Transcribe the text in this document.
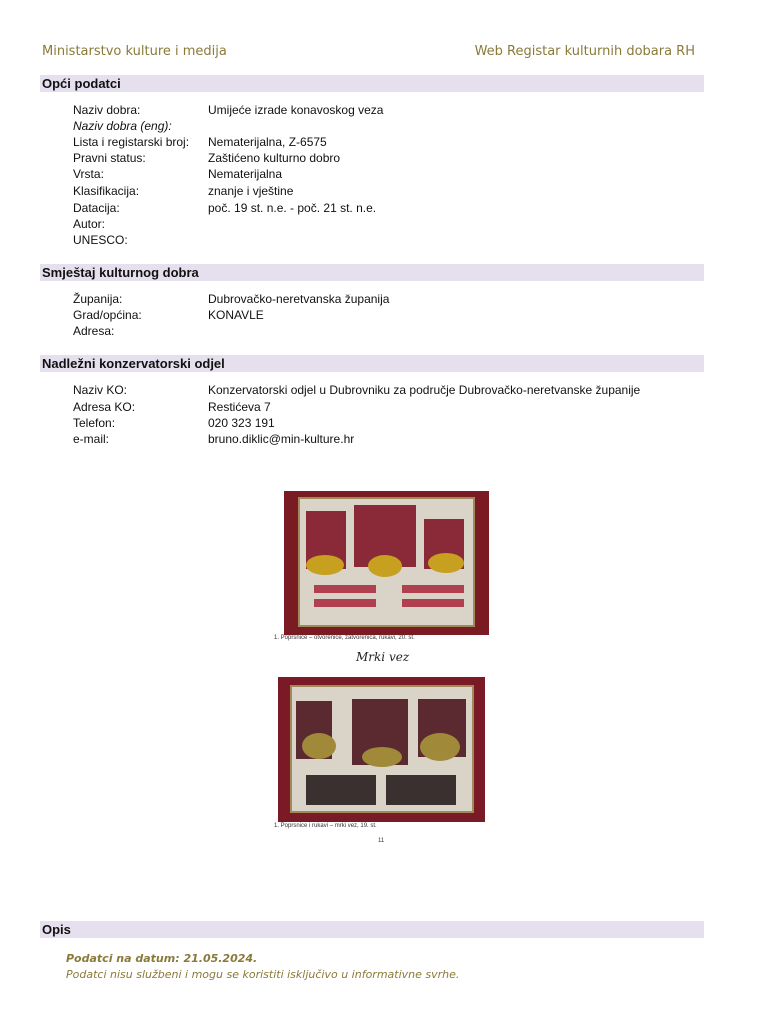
Ministarstvo kulture i medija	Web Registar kulturnih dobara RH
Opći podatci
Naziv dobra:	Umijeće izrade konavoskog veza
Naziv dobra (eng):
Lista i registarski broj: Nematerijalna, Z-6575
Pravni status:	Zaštićeno kulturno dobro
Vrsta:	Nematerijalna
Klasifikacija:	znanje i vještine
Datacija:	poč. 19 st. n.e. - poč. 21 st. n.e.
Autor:
UNESCO:
Smještaj kulturnog dobra
Županija:	Dubrovačko-neretvanska županija
Grad/općina:	KONAVLE
Adresa:
Nadležni konzervatorski odjel
Naziv KO:	Konzervatorski odjel u Dubrovniku za područje Dubrovačko-neretvanske županije
Adresa KO:	Restićeva 7
Telefon:	020 323 191
e-mail:	bruno.diklic@min-kulture.hr
1. Poprsnice – otvorenice, zatvorenica, rukavi, 20. st.
Mrki vez
1. Poprsnice i rukavi – mrki vez, 19. st.
11
Opis
Podatci na datum: 21.05.2024.
Podatci nisu službeni i mogu se koristiti isključivo u informativne svrhe.
